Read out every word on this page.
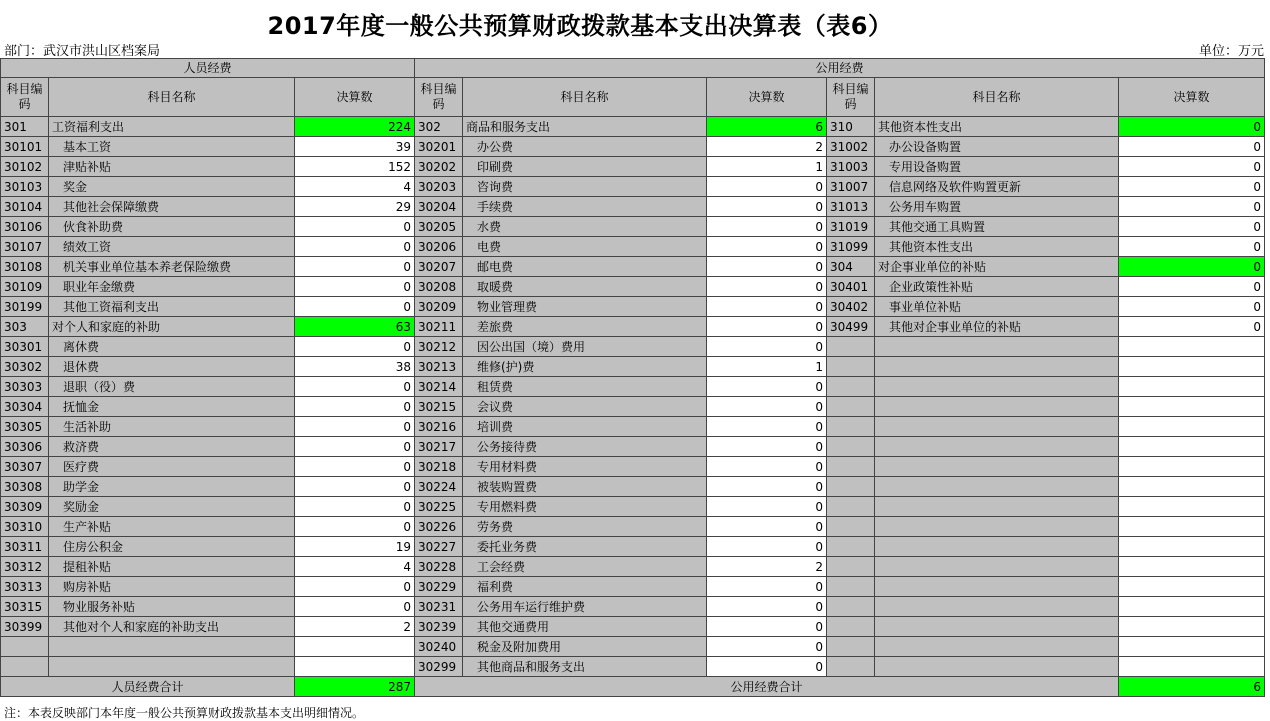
2017年度一般公共预算财政拨款基本支出决算表（表6）
部门：武汉市洪山区档案局	单位：万元
人员经费			公用经费					
科目编码	科目名称	决算数	科目编码	科目名称	决算数	科目编码	科目名称	决算数
301	工资福利支出	224	302	商品和服务支出	6	310	其他资本性支出	0
30101	基本工资	39	30201	办公费	2	31002	办公设备购置	0
30102	津贴补贴	152	30202	印刷费	1	31003	专用设备购置	0
30103	奖金	4	30203	咨询费	0	31007	信息网络及软件购置更新	0
30104	其他社会保障缴费	29	30204	手续费	0	31013	公务用车购置	0
30106	伙食补助费	0	30205	水费	0	31019	其他交通工具购置	0
30107	绩效工资	0	30206	电费	0	31099	其他资本性支出	0
30108	机关事业单位基本养老保险缴费	0	30207	邮电费	0	304	对企事业单位的补贴	0
30109	职业年金缴费	0	30208	取暖费	0	30401	企业政策性补贴	0
30199	其他工资福利支出	0	30209	物业管理费	0	30402	事业单位补贴	0
303	对个人和家庭的补助	63	30211	差旅费	0	30499	其他对企事业单位的补贴	0
30301	离休费	0	30212	因公出国（境）费用	0			
30302	退休费	38	30213	维修(护)费	1			
30303	退职（役）费	0	30214	租赁费	0			
30304	抚恤金	0	30215	会议费	0			
30305	生活补助	0	30216	培训费	0			
30306	救济费	0	30217	公务接待费	0			
30307	医疗费	0	30218	专用材料费	0			
30308	助学金	0	30224	被装购置费	0			
30309	奖励金	0	30225	专用燃料费	0			
30310	生产补贴	0	30226	劳务费	0			
30311	住房公积金	19	30227	委托业务费	0			
30312	提租补贴	4	30228	工会经费	2			
30313	购房补贴	0	30229	福利费	0			
30315	物业服务补贴	0	30231	公务用车运行维护费	0			
30399	其他对个人和家庭的补助支出	2	30239	其他交通费用	0			
			30240	税金及附加费用	0			
			30299	其他商品和服务支出	0			
人员经费合计		287	公用经费合计					6
注：本表反映部门本年度一般公共预算财政拨款基本支出明细情况。
